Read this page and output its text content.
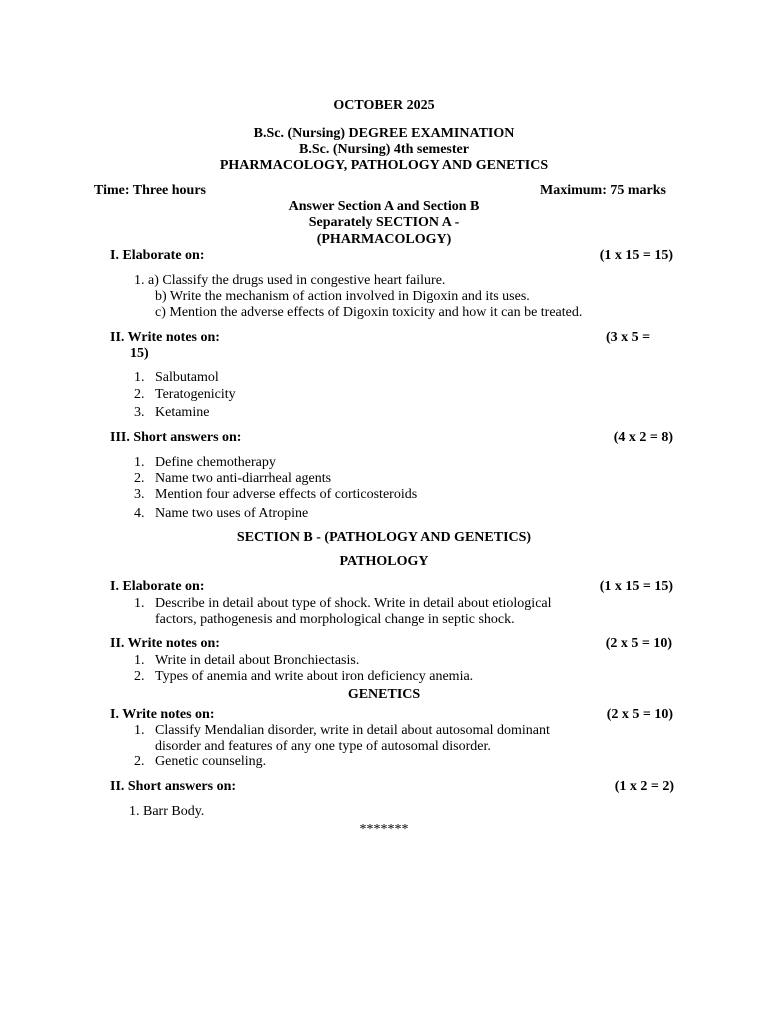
OCTOBER 2025
B.Sc. (Nursing) DEGREE EXAMINATION
B.Sc. (Nursing) 4th semester
PHARMACOLOGY, PATHOLOGY AND GENETICS
Time: Three hours	Maximum: 75 marks
Answer Section A and Section B
Separately SECTION A -
(PHARMACOLOGY)
I. Elaborate on:	(1 x 15 = 15)
1. a) Classify the drugs used in congestive heart failure.
b) Write the mechanism of action involved in Digoxin and its uses.
c) Mention the adverse effects of Digoxin toxicity and how it can be treated.
II. Write notes on:	(3 x 5 =
15)
1. Salbutamol
2. Teratogenicity
3. Ketamine
III. Short answers on:	(4 x 2 = 8)
1. Define chemotherapy
2. Name two anti-diarrheal agents
3. Mention four adverse effects of corticosteroids
4. Name two uses of Atropine
SECTION B - (PATHOLOGY AND GENETICS)
PATHOLOGY
I. Elaborate on:	(1 x 15 = 15)
1. Describe in detail about type of shock. Write in detail about etiological
factors, pathogenesis and morphological change in septic shock.
II. Write notes on:	(2 x 5 = 10)
1. Write in detail about Bronchiectasis.
2. Types of anemia and write about iron deficiency anemia.
GENETICS
I. Write notes on:	(2 x 5 = 10)
1. Classify Mendalian disorder, write in detail about autosomal dominant
disorder and features of any one type of autosomal disorder.
2. Genetic counseling.
II. Short answers on:	(1 x 2 = 2)
1. Barr Body.
*******
